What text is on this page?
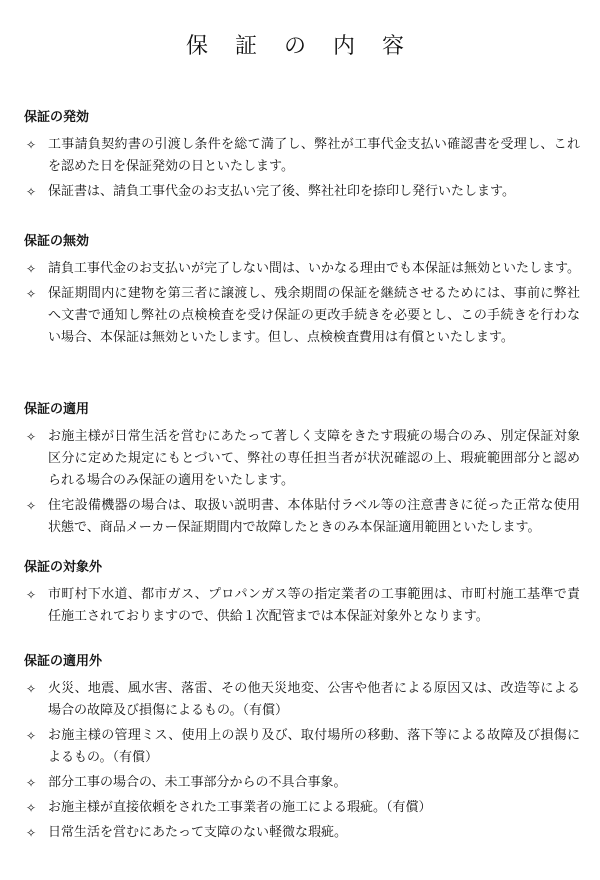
保 証 の 内 容
保証の発効
✧ 工事請負契約書の引渡し条件を総て満了し、弊社が工事代金支払い確認書を受理し、これを認めた日を保証発効の日といたします。
✧ 保証書は、請負工事代金のお支払い完了後、弊社社印を捺印し発行いたします。
保証の無効
✧ 請負工事代金のお支払いが完了しない間は、いかなる理由でも本保証は無効といたします。
✧ 保証期間内に建物を第三者に譲渡し、残余期間の保証を継続させるためには、事前に弊社へ文書で通知し弊社の点検検査を受け保証の更改手続きを必要とし、この手続きを行わない場合、本保証は無効といたします。但し、点検検査費用は有償といたします。
保証の適用
✧ お施主様が日常生活を営むにあたって著しく支障をきたす瑕疵の場合のみ、別定保証対象区分に定めた規定にもとづいて、弊社の専任担当者が状況確認の上、瑕疵範囲部分と認められる場合のみ保証の適用をいたします。
✧ 住宅設備機器の場合は、取扱い説明書、本体貼付ラベル等の注意書きに従った正常な使用状態で、商品メーカー保証期間内で故障したときのみ本保証適用範囲といたします。
保証の対象外
✧ 市町村下水道、都市ガス、プロパンガス等の指定業者の工事範囲は、市町村施工基準で責任施工されておりますので、供給１次配管までは本保証対象外となります。
保証の適用外
✧ 火災、地震、風水害、落雷、その他天災地変、公害や他者による原因又は、改造等による場合の故障及び損傷によるもの。（有償）
✧ お施主様の管理ミス、使用上の誤り及び、取付場所の移動、落下等による故障及び損傷によるもの。（有償）
✧ 部分工事の場合の、未工事部分からの不具合事象。
✧ お施主様が直接依頼をされた工事業者の施工による瑕疵。（有償）
✧ 日常生活を営むにあたって支障のない軽微な瑕疵。
